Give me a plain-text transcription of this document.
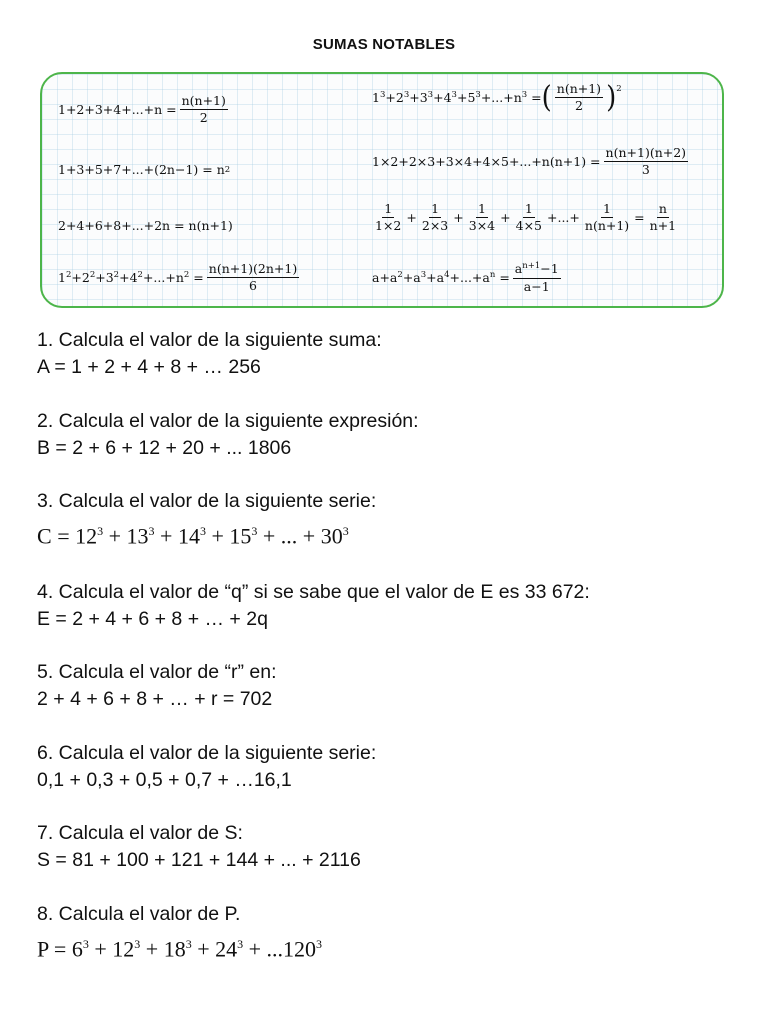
SUMAS NOTABLES
$1+2+3+4+...+n = \frac{n(n+1)}{2}$
1+3+5+7+...+(2n−1) = n 2
2+4+6+8+...+2n = n(n+1)
$1^2+2^2+3^2+4^2+...+n^2 = \frac{n(n+1)(2n+1)}{6}$
$1^3+2^3+3^3+4^3+5^3+...+n^3$ = ( $\frac{n(n+1)}{2} )^2$
$1\times 2+2\times 3+3\times 4+4\times 5+...+n(n+1) = \frac{n(n+1)(n+2)}{3}$
$\frac{1}{1\times 2} + \frac{1}{2\times 3} + \frac{1}{3\times 4} + \frac{1}{4\times 5}$ +...+ $\frac{1}{n(n+1)} = \frac{n}{n+1}$
$a+a^2+a^3+a^4+...+a^n = \frac{a^{n+1}-1}{a-1}$

1. Calcula el valor de la siguiente suma:

A = 1 + 2 + 4 + 8 + … 256

2. Calcula el valor de la siguiente expresión:

B = 2 + 6 + 12 + 20 + ... 1806

3. Calcula el valor de la siguiente serie:

$C = 12^3 + 13^3 + 14^3 + 15^3$ + ... + $30^3$

4. Calcula el valor de “q” si se sabe que el valor de E es 33 672:

E = 2 + 4 + 6 + 8 + … + 2q

5. Calcula el valor de “r” en:

2 + 4 + 6 + 8 + … + r = 702

6. Calcula el valor de la siguiente serie:

0,1 + 0,3 + 0,5 + 0,7 + …16,1

7. Calcula el valor de S:

S = 81 + 100 + 121 + 144 + ... + 2116

8. Calcula el valor de P.

$P = 6^3 + 12^3 + 18^3 + 24^3 + ...120^3$
